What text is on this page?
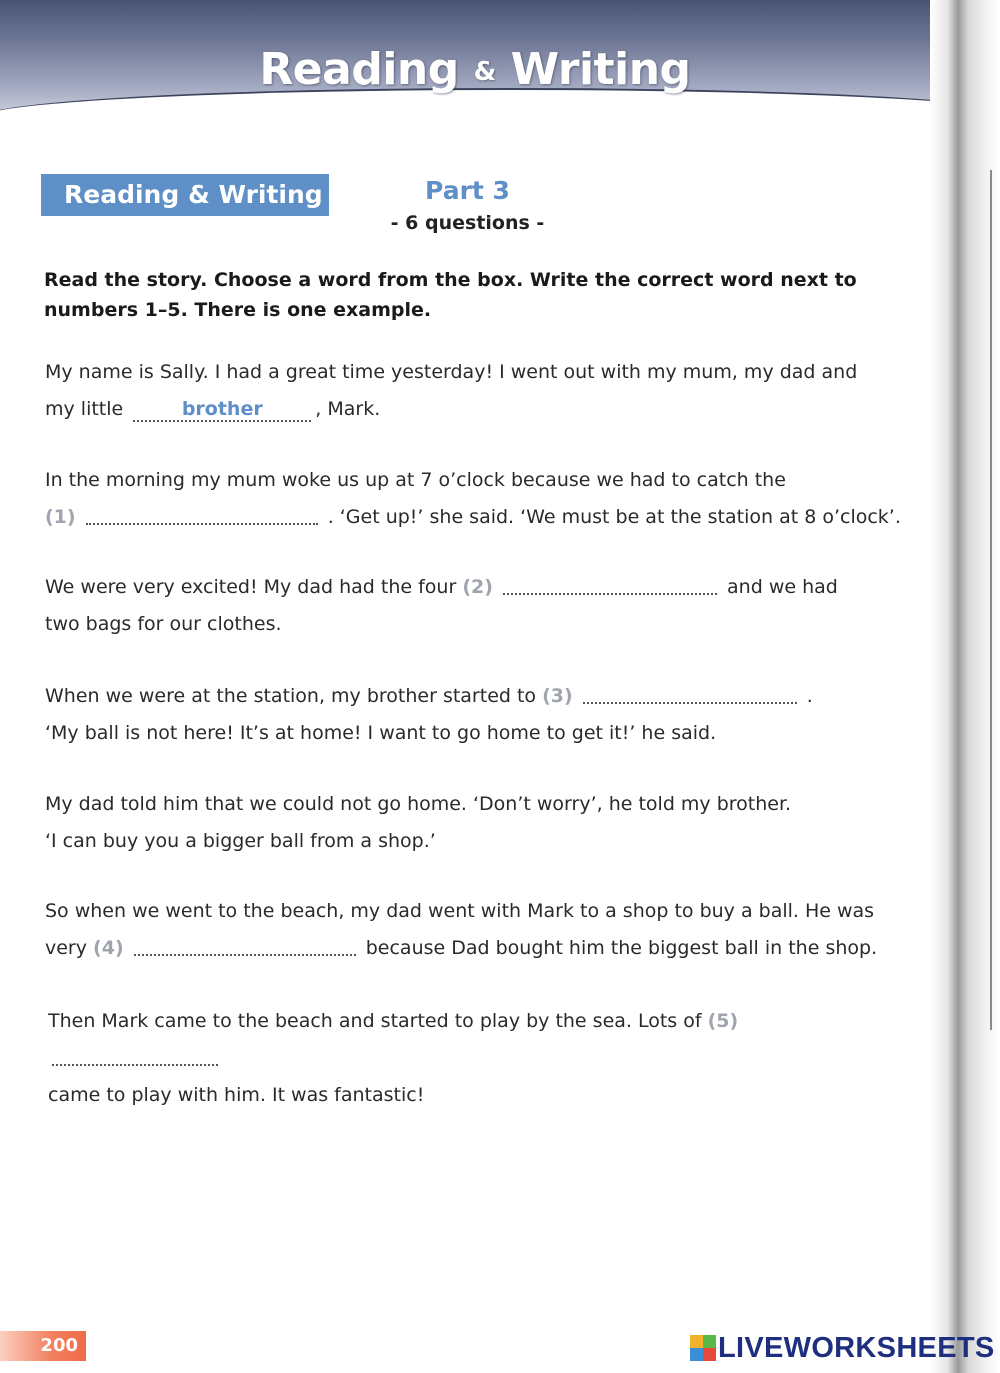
Reading & Writing
Reading & Writing	Part 3
- 6 questions -
Read the story. Choose a word from the box. Write the correct word next to numbers 1–5. There is one example.

My name is Sally. I had a great time yesterday! I went out with my mum, my dad and

my little	brother	, Mark.

In the morning my mum woke us up at 7 o’clock because we had to catch the

(1)	. ‘Get up!’ she said. ‘We must be at the station at 8 o’clock’.

We were very excited! My dad had the four (2)	and we had

two bags for our clothes.

When we were at the station, my brother started to (3)	.

‘My ball is not here! It’s at home! I want to go home to get it!’ he said.

My dad told him that we could not go home. ‘Don’t worry’, he told my brother.

‘I can buy you a bigger ball from a shop.’

So when we went to the beach, my dad went with Mark to a shop to buy a ball. He was

very (4)	because Dad bought him the biggest ball in the shop.

Then Mark came to the beach and started to play by the sea. Lots of (5)

came to play with him. It was fantastic!

200	LIVEWORKSHEETS
